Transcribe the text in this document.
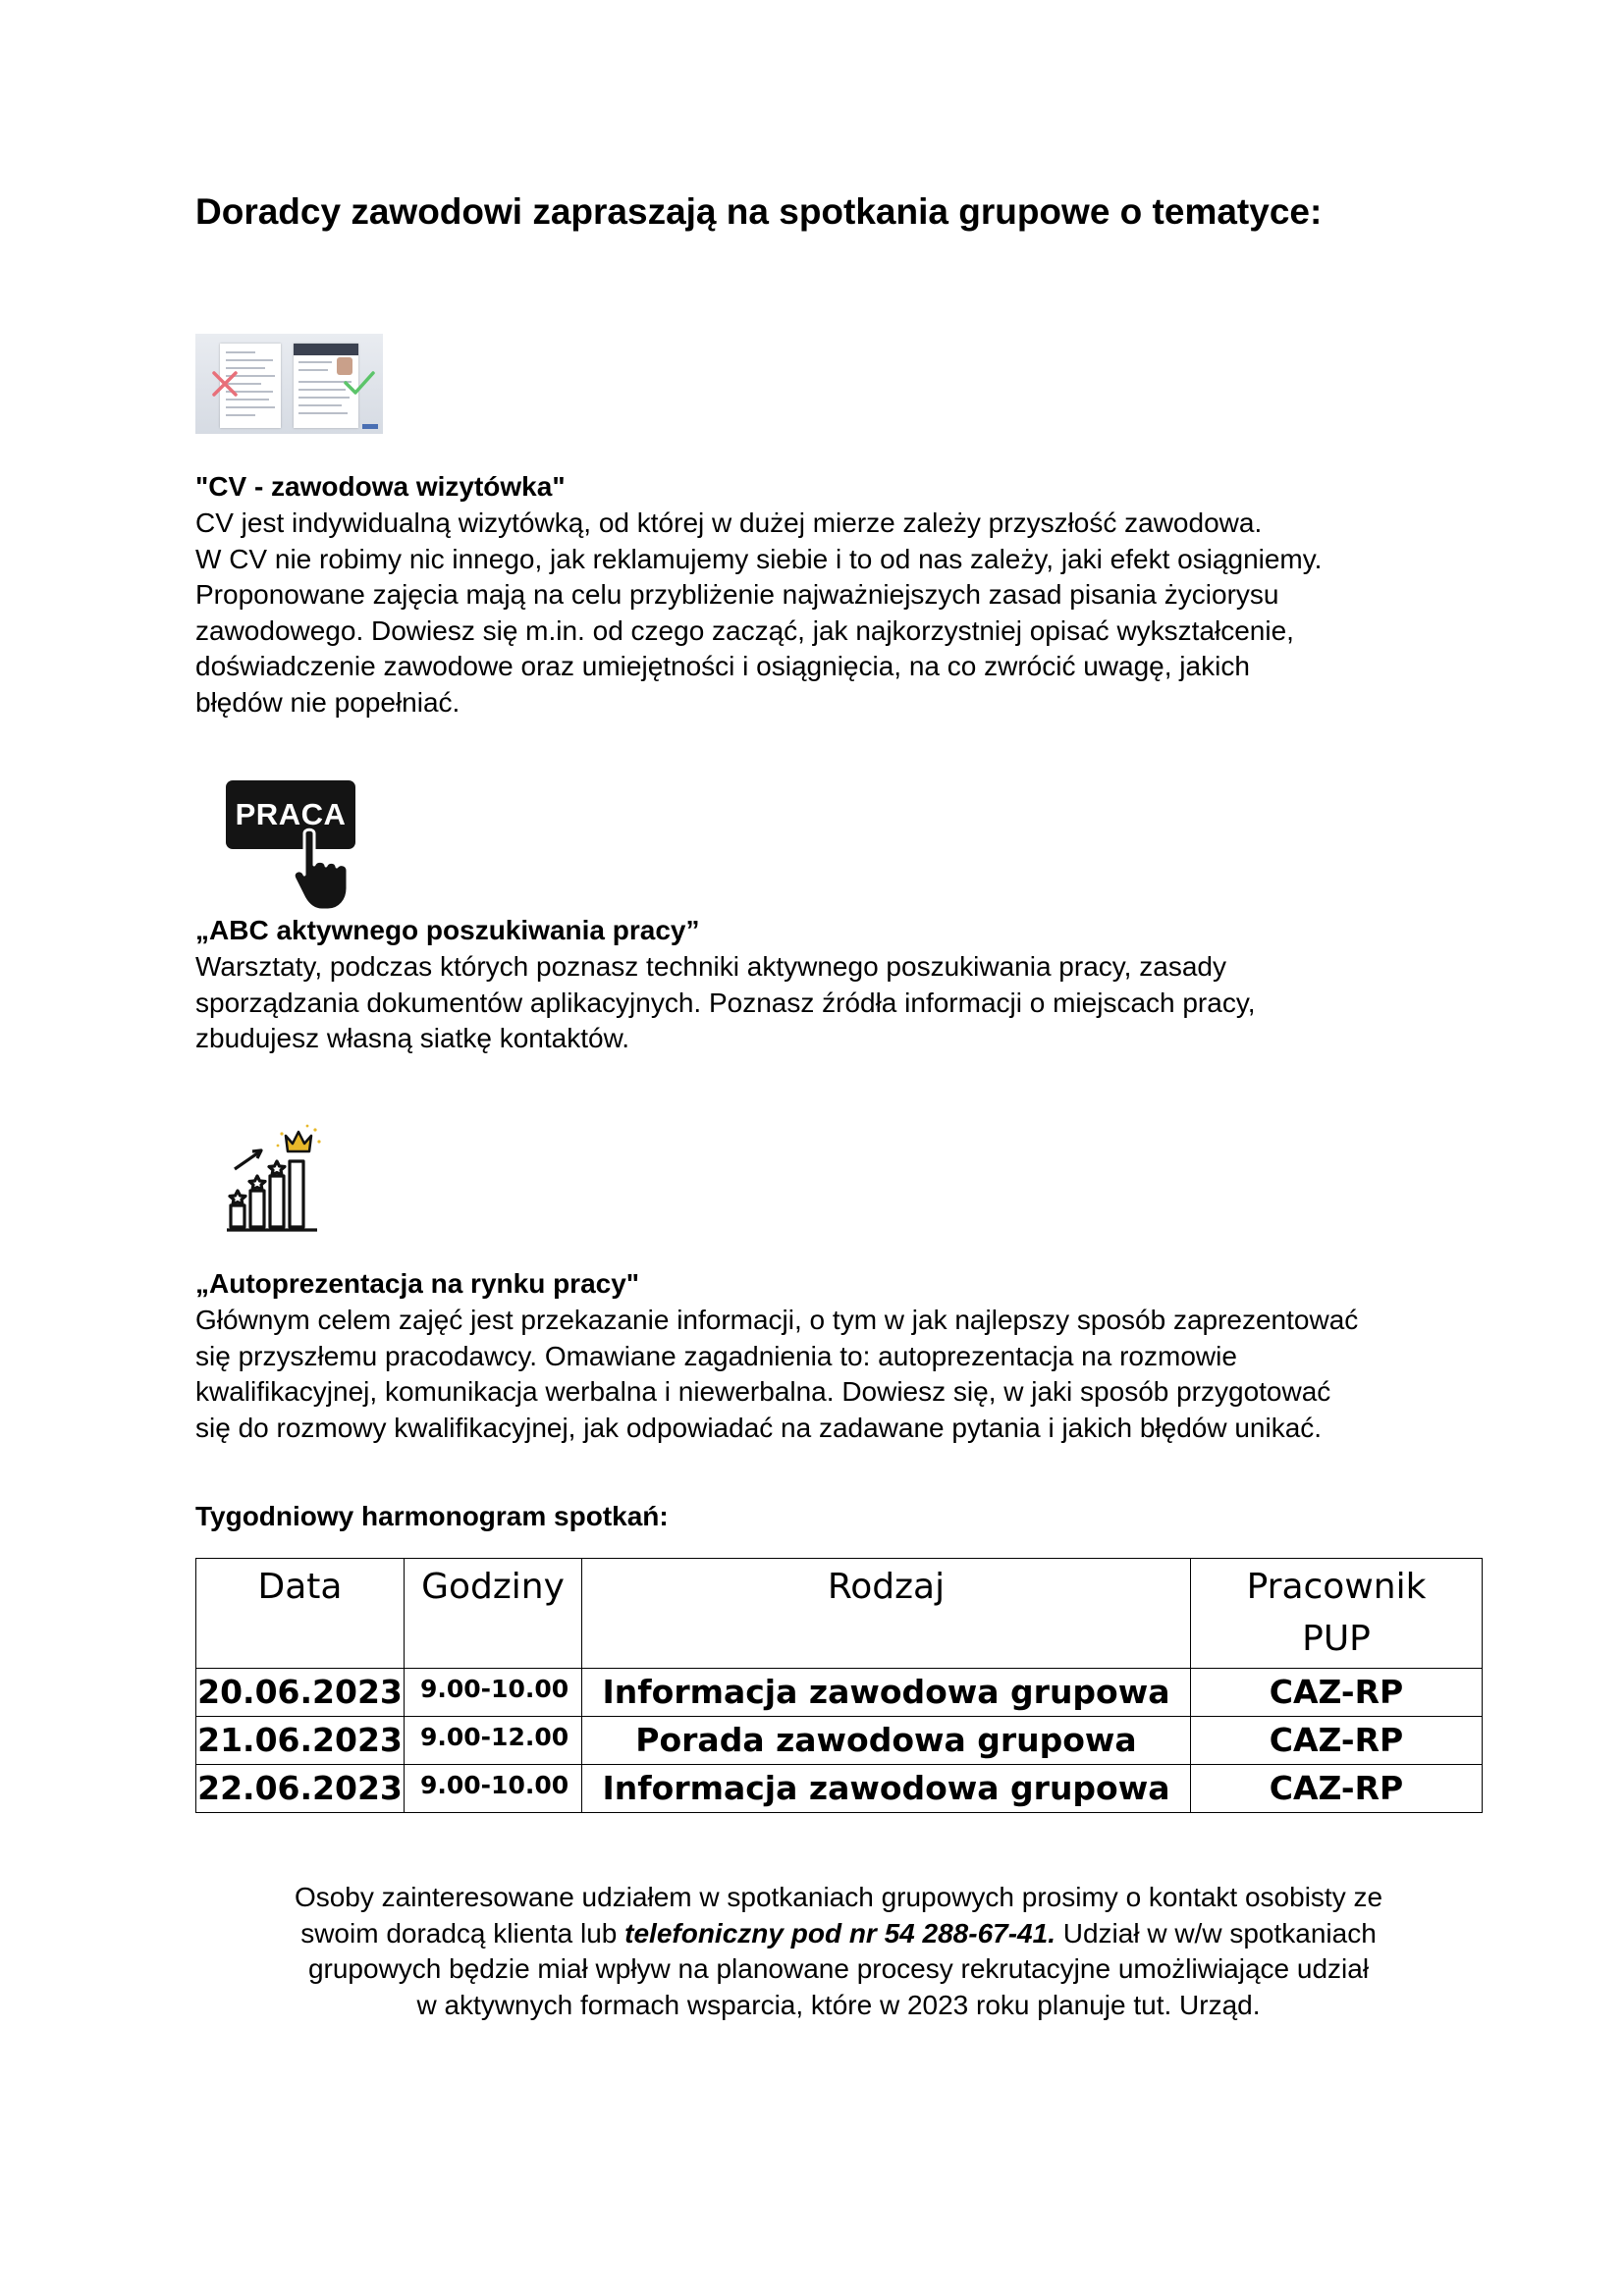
Doradcy zawodowi zapraszają na spotkania grupowe o tematyce:
"CV - zawodowa wizytówka"
CV jest indywidualną wizytówką, od której w dużej mierze zależy przyszłość zawodowa.
W CV nie robimy nic innego, jak reklamujemy siebie i to od nas zależy, jaki efekt osiągniemy.
Proponowane zajęcia mają na celu przybliżenie najważniejszych zasad pisania życiorysu
zawodowego. Dowiesz się m.in. od czego zacząć, jak najkorzystniej opisać wykształcenie,
doświadczenie zawodowe oraz umiejętności i osiągnięcia, na co zwrócić uwagę, jakich
błędów nie popełniać.
PRACA
„ABC aktywnego poszukiwania pracy”
Warsztaty, podczas których poznasz techniki aktywnego poszukiwania pracy, zasady
sporządzania dokumentów aplikacyjnych. Poznasz źródła informacji o miejscach pracy,
zbudujesz własną siatkę kontaktów.
„Autoprezentacja na rynku pracy"
Głównym celem zajęć jest przekazanie informacji, o tym w jak najlepszy sposób zaprezentować
się przyszłemu pracodawcy. Omawiane zagadnienia to: autoprezentacja na rozmowie
kwalifikacyjnej, komunikacja werbalna i niewerbalna. Dowiesz się, w jaki sposób przygotować
się do rozmowy kwalifikacyjnej, jak odpowiadać na zadawane pytania i jakich błędów unikać.
Tygodniowy harmonogram spotkań:
Data	Godziny	Rodzaj	Pracownik
PUP

20.06.2023	9.00-10.00	Informacja zawodowa grupowa	CAZ-RP
21.06.2023	9.00-12.00	Porada zawodowa grupowa	CAZ-RP
22.06.2023	9.00-10.00	Informacja zawodowa grupowa	CAZ-RP
Osoby zainteresowane udziałem w spotkaniach grupowych prosimy o kontakt osobisty ze
swoim doradcą klienta lub telefoniczny pod nr 54 288-67-41. Udział w w/w spotkaniach
grupowych będzie miał wpływ na planowane procesy rekrutacyjne umożliwiające udział
w aktywnych formach wsparcia, które w 2023 roku planuje tut. Urząd.
